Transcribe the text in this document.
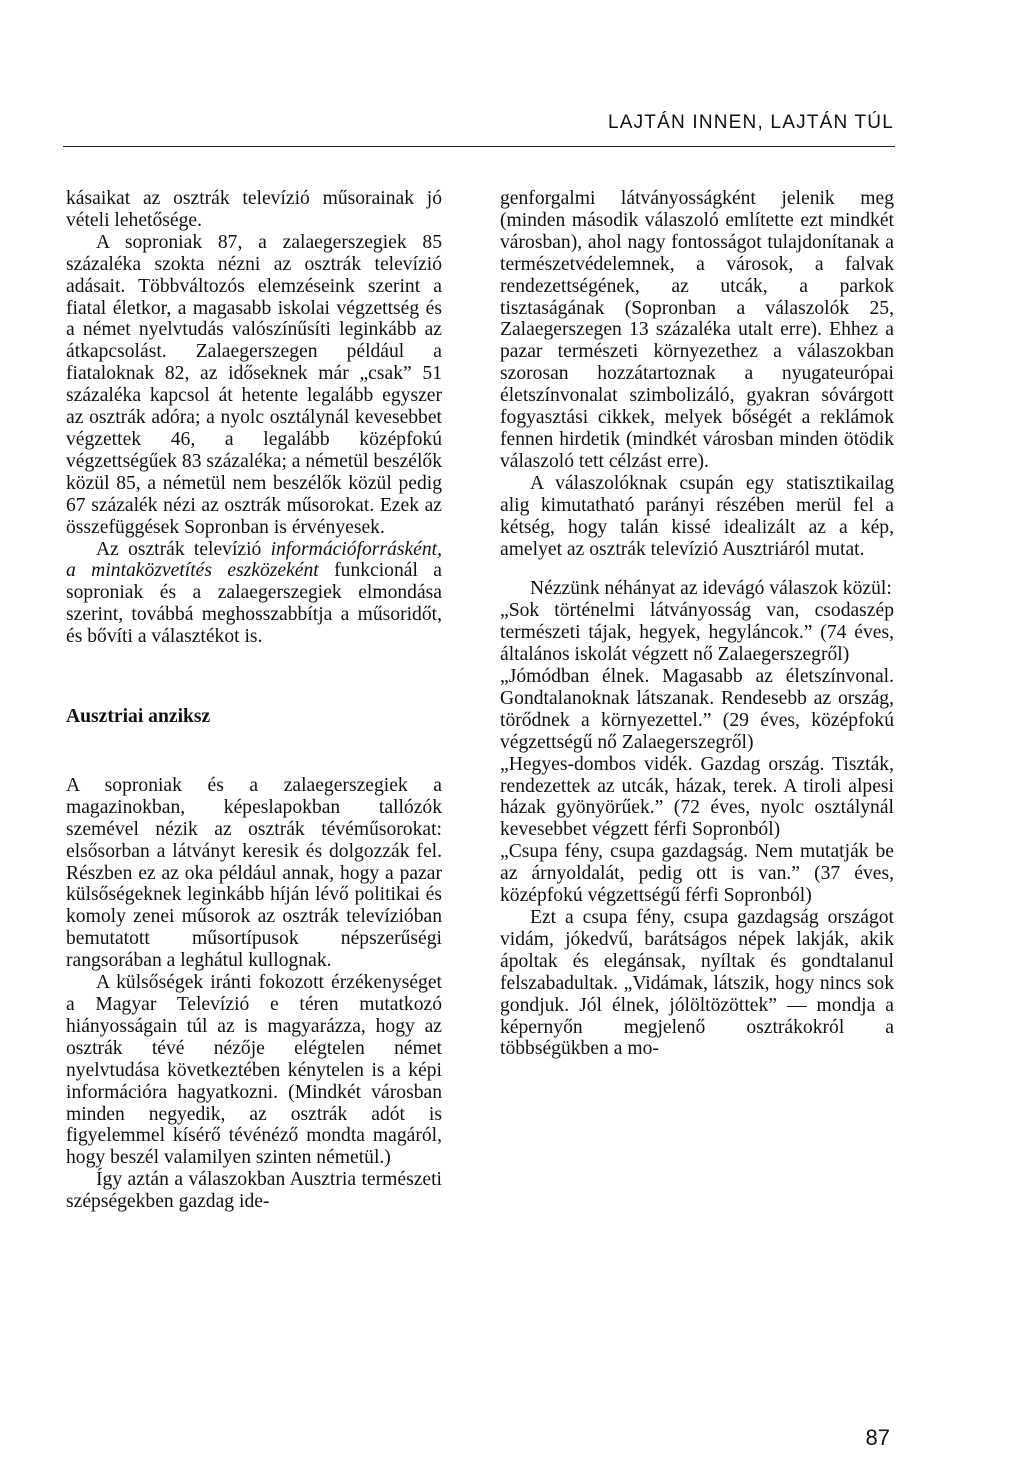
LAJTÁN INNEN, LAJTÁN TÚL

kásaikat az osztrák televízió műsorainak jó vételi lehetősége.

A soproniak 87, a zalaegerszegiek 85 százaléka szokta nézni az osztrák televízió adásait. Többváltozós elemzéseink szerint a fiatal életkor, a magasabb iskolai végzettség és a német nyelvtudás valószínűsíti leginkább az átkapcsolást. Zalaegerszegen például a fiataloknak 82, az időseknek már „csak” 51 százaléka kapcsol át hetente legalább egyszer az osztrák adóra; a nyolc osztálynál kevesebbet végzettek 46, a legalább középfokú végzettségűek 83 százaléka; a németül beszélők közül 85, a németül nem beszélők közül pedig 67 százalék nézi az osztrák műsorokat. Ezek az összefüggések Sopronban is érvényesek.

Az osztrák televízió információforrásként, a mintaközvetítés eszközeként funkcionál a soproniak és a zalaegerszegiek elmondása szerint, továbbá meghosszabbítja a műsoridőt, és bővíti a választékot is.

Ausztriai anziksz

A soproniak és a zalaegerszegiek a magazinokban, képeslapokban tallózók szemével nézik az osztrák tévéműsorokat: elsősorban a látványt keresik és dolgozzák fel. Részben ez az oka például annak, hogy a pazar külsőségeknek leginkább híján lévő politikai és komoly zenei műsorok az osztrák televízióban bemutatott műsortípusok népszerűségi rangsorában a leghátul kullognak.

A külsőségek iránti fokozott érzékenységet a Magyar Televízió e téren mutatkozó hiányosságain túl az is magyarázza, hogy az osztrák tévé nézője elégtelen német nyelvtudása következtében kénytelen is a képi információra hagyatkozni. (Mindkét városban minden negyedik, az osztrák adót is figyelemmel kísérő tévénéző mondta magáról, hogy beszél valamilyen szinten németül.)

Így aztán a válaszokban Ausztria természeti szépségekben gazdag ide-

genforgalmi látványosságként jelenik meg (minden második válaszoló említette ezt mindkét városban), ahol nagy fontosságot tulajdonítanak a természetvédelemnek, a városok, a falvak rendezettségének, az utcák, a parkok tisztaságának (Sopronban a válaszolók 25, Zalaegerszegen 13 százaléka utalt erre). Ehhez a pazar természeti környezethez a válaszokban szorosan hozzátartoznak a nyugateurópai életszínvonalat szimbolizáló, gyakran sóvárgott fogyasztási cikkek, melyek bőségét a reklámok fennen hirdetik (mindkét városban minden ötödik válaszoló tett célzást erre).

A válaszolóknak csupán egy statisztikailag alig kimutatható parányi részében merül fel a kétség, hogy talán kissé idealizált az a kép, amelyet az osztrák televízió Ausztriáról mutat.

Nézzünk néhányat az idevágó válaszok közül:

„Sok történelmi látványosság van, csodaszép természeti tájak, hegyek, hegyláncok.” (74 éves, általános iskolát végzett nő Zalaegerszegről)

„Jómódban élnek. Magasabb az életszínvonal. Gondtalanoknak látszanak. Rendesebb az ország, törődnek a környezettel.” (29 éves, középfokú végzettségű nő Zalaegerszegről)

„Hegyes-dombos vidék. Gazdag ország. Tiszták, rendezettek az utcák, házak, terek. A tiroli alpesi házak gyönyörűek.” (72 éves, nyolc osztálynál kevesebbet végzett férfi Sopronból)

„Csupa fény, csupa gazdagság. Nem mutatják be az árnyoldalát, pedig ott is van.” (37 éves, középfokú végzettségű férfi Sopronból)

Ezt a csupa fény, csupa gazdagság országot vidám, jókedvű, barátságos népek lakják, akik ápoltak és elegánsak, nyíltak és gondtalanul felszabadultak. „Vidámak, látszik, hogy nincs sok gondjuk. Jól élnek, jólöltözöttek” — mondja a képernyőn megjelenő osztrákokról a többségükben a mo-

87
